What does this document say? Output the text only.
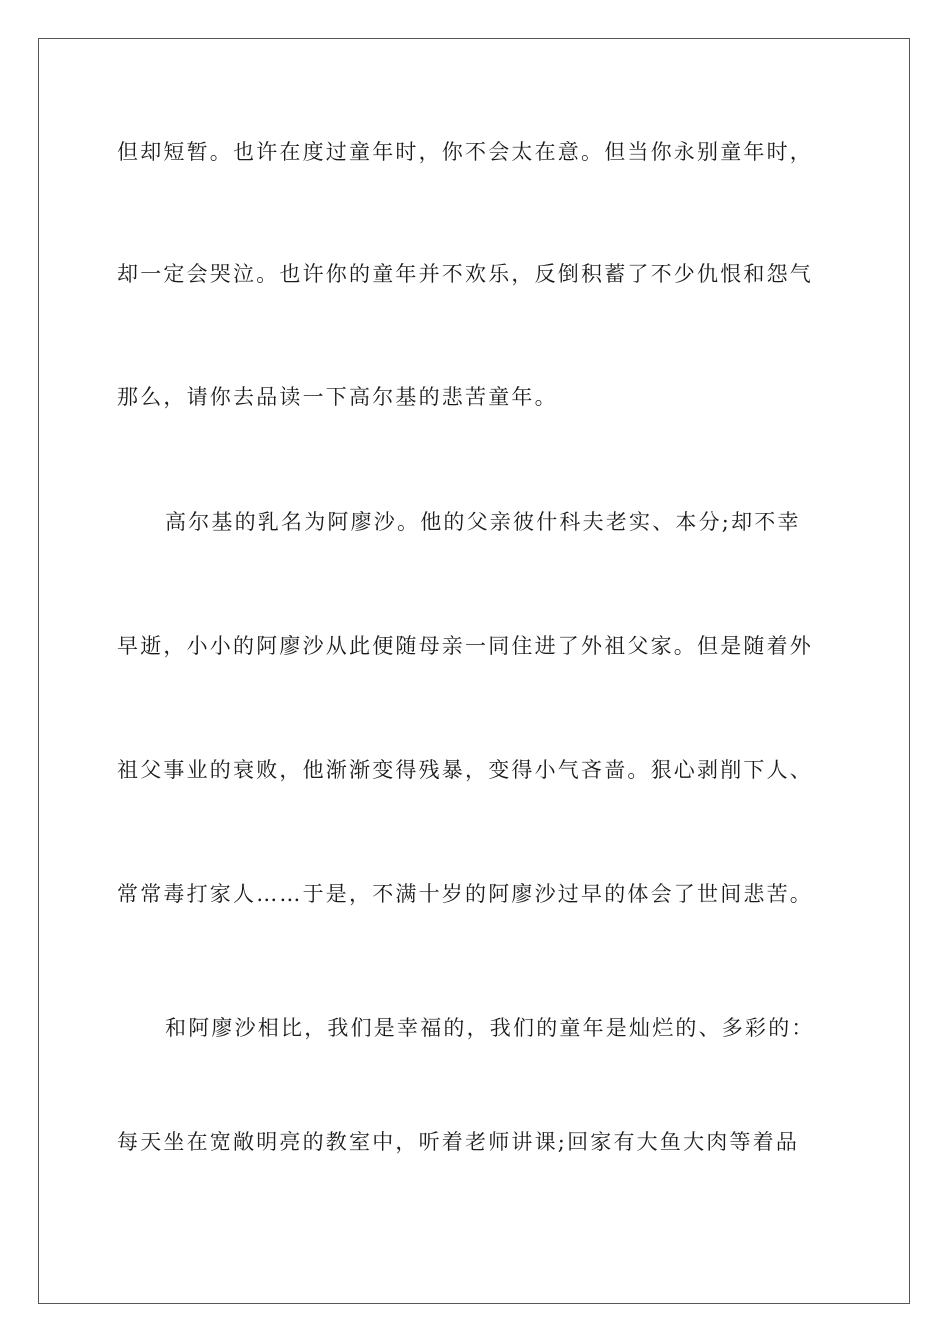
但却短暂。也许在度过童年时，你不会太在意。但当你永别童年时，
却一定会哭泣。也许你的童年并不欢乐，反倒积蓄了不少仇恨和怨气
那么，请你去品读一下高尔基的悲苦童年。
高尔基的乳名为阿廖沙。他的父亲彼什科夫老实、本分;却不幸
早逝，小小的阿廖沙从此便随母亲一同住进了外祖父家。但是随着外
祖父事业的衰败，他渐渐变得残暴，变得小气吝啬。狠心剥削下人、
常常毒打家人……于是，不满十岁的阿廖沙过早的体会了世间悲苦。
和阿廖沙相比，我们是幸福的，我们的童年是灿烂的、多彩的：
每天坐在宽敞明亮的教室中，听着老师讲课;回家有大鱼大肉等着品
